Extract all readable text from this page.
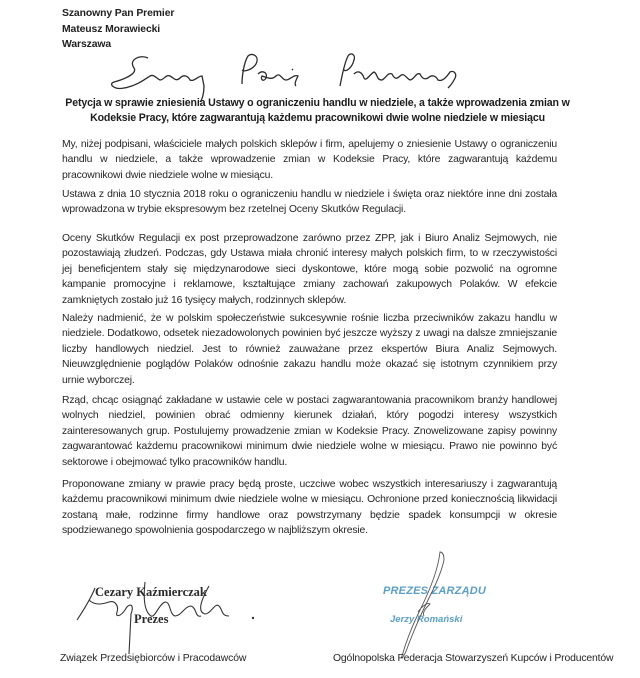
Szanowny Pan Premier
Mateusz Morawiecki
Warszawa
Petycja w sprawie zniesienia Ustawy o ograniczeniu handlu w niedziele, a także wprowadzenia zmian w Kodeksie Pracy, które zagwarantują każdemu pracownikowi dwie wolne niedziele w miesiącu
My, niżej podpisani, właściciele małych polskich sklepów i firm, apelujemy o zniesienie Ustawy o ograniczeniu handlu w niedziele, a także wprowadzenie zmian w Kodeksie Pracy, które zagwarantują każdemu pracownikowi dwie niedziele wolne w miesiącu.
Ustawa z dnia 10 stycznia 2018 roku o ograniczeniu handlu w niedziele i święta oraz niektóre inne dni została wprowadzona w trybie ekspresowym bez rzetelnej Oceny Skutków Regulacji.
Oceny Skutków Regulacji ex post przeprowadzone zarówno przez ZPP, jak i Biuro Analiz Sejmowych, nie pozostawiają złudzeń. Podczas, gdy Ustawa miała chronić interesy małych polskich firm, to w rzeczywistości jej beneficjentem stały się międzynarodowe sieci dyskontowe, które mogą sobie pozwolić na ogromne kampanie promocyjne i reklamowe, kształtujące zmiany zachowań zakupowych Polaków. W efekcie zamkniętych zostało już 16 tysięcy małych, rodzinnych sklepów.
Należy nadmienić, że w polskim społeczeństwie sukcesywnie rośnie liczba przeciwników zakazu handlu w niedziele. Dodatkowo, odsetek niezadowolonych powinien być jeszcze wyższy z uwagi na dalsze zmniejszanie liczby handlowych niedziel. Jest to również zauważane przez ekspertów Biura Analiz Sejmowych. Nieuwzględnienie poglądów Polaków odnośnie zakazu handlu może okazać się istotnym czynnikiem przy urnie wyborczej.
Rząd, chcąc osiągnąć zakładane w ustawie cele w postaci zagwarantowania pracownikom branży handlowej wolnych niedziel, powinien obrać odmienny kierunek działań, który pogodzi interesy wszystkich zainteresowanych grup. Postulujemy prowadzenie zmian w Kodeksie Pracy. Znowelizowane zapisy powinny zagwarantować każdemu pracownikowi minimum dwie niedziele wolne w miesiącu. Prawo nie powinno być sektorowe i obejmować tylko pracowników handlu.
Proponowane zmiany w prawie pracy będą proste, uczciwe wobec wszystkich interesariuszy i zagwarantują każdemu pracownikowi minimum dwie niedziele wolne w miesiącu. Ochronione przed koniecznością likwidacji zostaną małe, rodzinne firmy handlowe oraz powstrzymany będzie spadek konsumpcji w okresie spodziewanego spowolnienia gospodarczego w najbliższym okresie.
Cezary Kaźmierczak
Prezes
Związek Przedsiębiorców i Pracodawców
PREZES ZARZĄDU
Jerzy Romański
Ogólnopolska Federacja Stowarzyszeń Kupców i Producentów
